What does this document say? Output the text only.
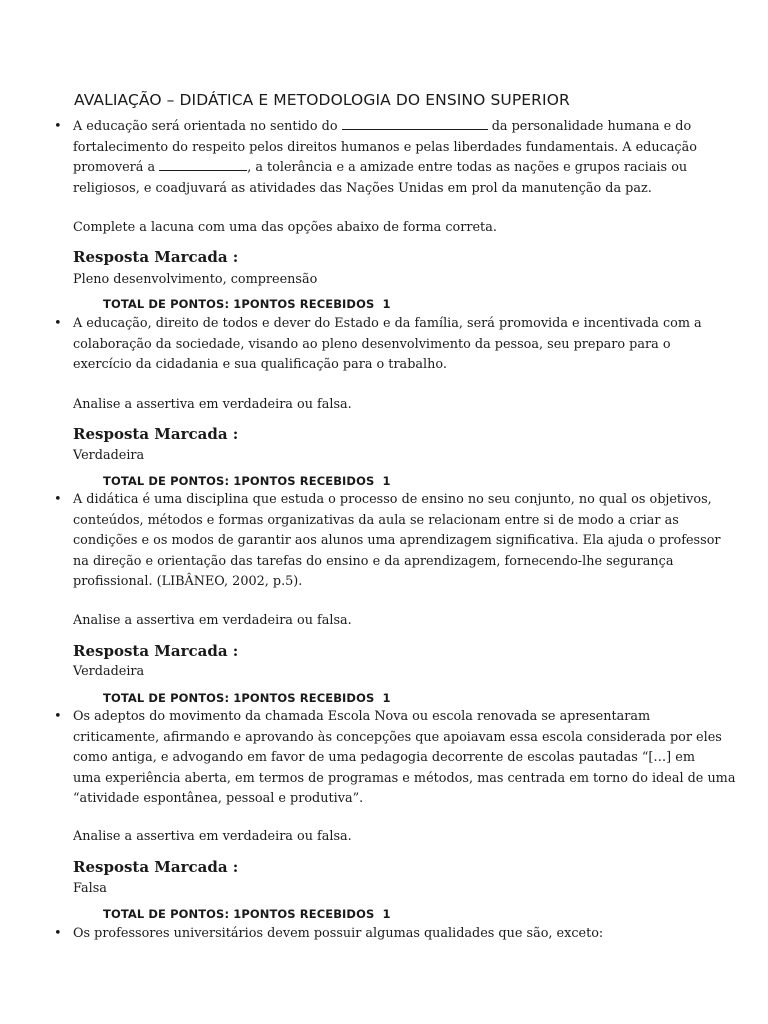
AVALIAÇÃO – DIDÁTICA E METODOLOGIA DO ENSINO SUPERIOR
• A educação será orientada no sentido do	da personalidade humana e do
fortalecimento do respeito pelos direitos humanos e pelas liberdades fundamentais. A educação
promoverá a	, a tolerância e a amizade entre todas as nações e grupos raciais ou
religiosos, e coadjuvará as atividades das Nações Unidas em prol da manutenção da paz.
Complete a lacuna com uma das opções abaixo de forma correta.
Resposta Marcada :
Pleno desenvolvimento, compreensão
TOTAL DE PONTOS: 1PONTOS RECEBIDOS  1
• A educação, direito de todos e dever do Estado e da família, será promovida e incentivada com a
colaboração da sociedade, visando ao pleno desenvolvimento da pessoa, seu preparo para o
exercício da cidadania e sua qualificação para o trabalho.
Analise a assertiva em verdadeira ou falsa.
Resposta Marcada :
Verdadeira
TOTAL DE PONTOS: 1PONTOS RECEBIDOS  1
• A didática é uma disciplina que estuda o processo de ensino no seu conjunto, no qual os objetivos,
conteúdos, métodos e formas organizativas da aula se relacionam entre si de modo a criar as
condições e os modos de garantir aos alunos uma aprendizagem significativa. Ela ajuda o professor
na direção e orientação das tarefas do ensino e da aprendizagem, fornecendo-lhe segurança
profissional. (LIBÂNEO, 2002, p.5).
Analise a assertiva em verdadeira ou falsa.
Resposta Marcada :
Verdadeira
TOTAL DE PONTOS: 1PONTOS RECEBIDOS  1
• Os adeptos do movimento da chamada Escola Nova ou escola renovada se apresentaram
criticamente, afirmando e aprovando às concepções que apoiavam essa escola considerada por eles
como antiga, e advogando em favor de uma pedagogia decorrente de escolas pautadas “[…] em
uma experiência aberta, em termos de programas e métodos, mas centrada em torno do ideal de uma
“atividade espontânea, pessoal e produtiva”.
Analise a assertiva em verdadeira ou falsa.
Resposta Marcada :
Falsa
TOTAL DE PONTOS: 1PONTOS RECEBIDOS  1
• Os professores universitários devem possuir algumas qualidades que são, exceto:
